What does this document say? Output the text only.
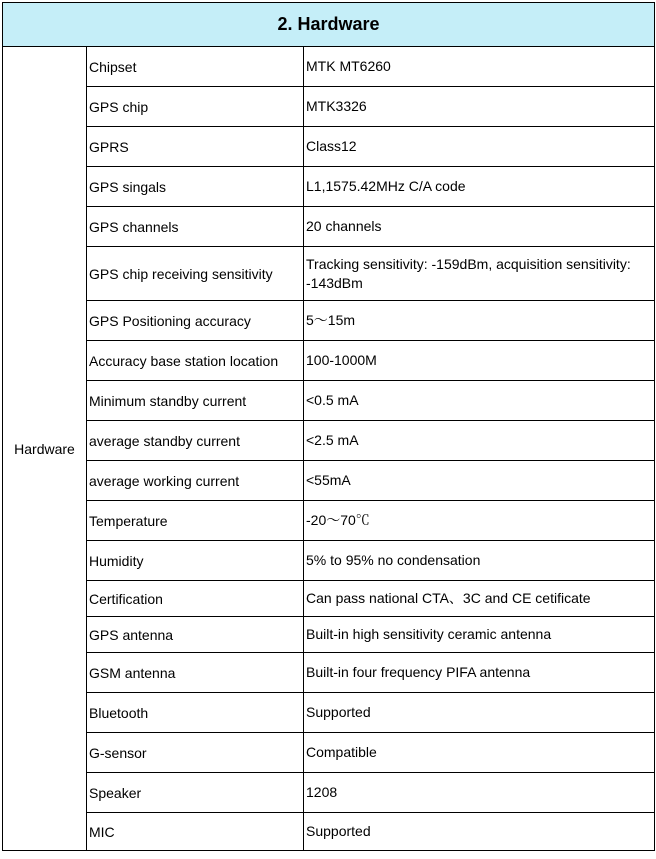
2. Hardware		
Hardware	Chipset	MTK MT6260
	GPS chip	MTK3326
	GPRS	Class12
	GPS singals	L1,1575.42MHz C/A code
	GPS channels	20 channels
	GPS chip receiving sensitivity	Tracking sensitivity: -159dBm, acquisition sensitivity: -143dBm
	GPS Positioning accuracy	5～15m
	Accuracy base station location	100-1000M
	Minimum standby current	<0.5 mA
	average standby current	<2.5 mA
	average working current	<55mA
	Temperature	-20～70℃
	Humidity	5% to 95% no condensation
	Certification	Can pass national CTA、3C and CE cetificate
	GPS antenna	Built-in high sensitivity ceramic antenna
	GSM antenna	Built-in four frequency PIFA antenna
	Bluetooth	Supported
	G-sensor	Compatible
	Speaker	1208
	MIC	Supported
